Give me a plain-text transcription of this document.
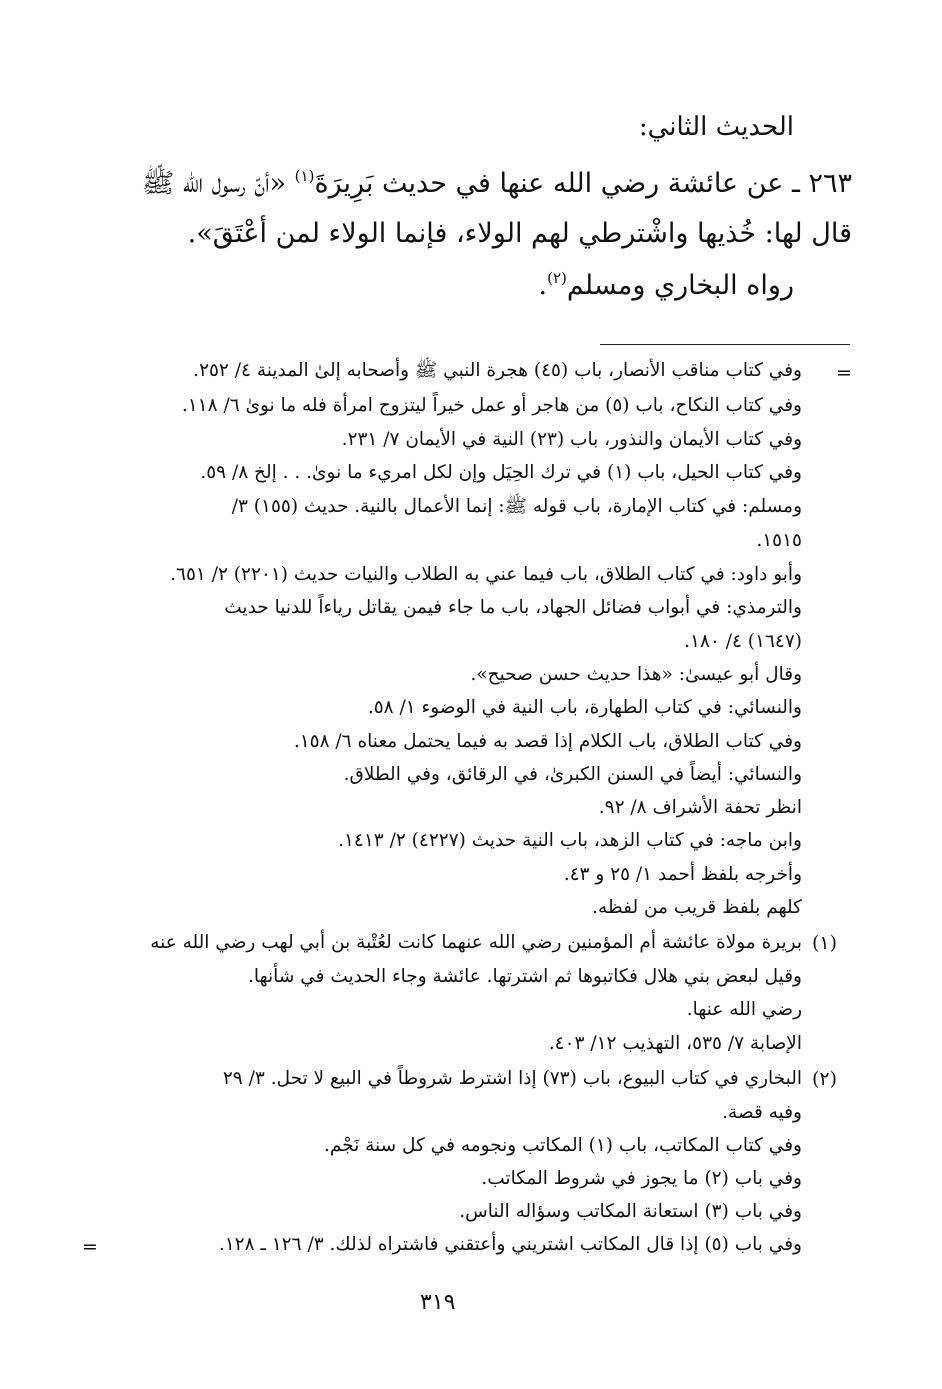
الحديث الثاني:
٢٦٣ ـ عن عائشة رضي الله عنها في حديث بَرِيرَةَ$^{(١)}$ «أنّ رسول الله ﷺ
قال لها: خُذيها واشْترطي لهم الولاء، فإنما الولاء لمن أعْتَقَ».
رواه البخاري ومسلم$^{(٢)}$.
=
وفي كتاب مناقب الأنصار، باب (٤٥) هجرة النبي ﷺ وأصحابه إلىٰ المدينة ٤/ ٢٥٢.
وفي كتاب النكاح، باب (٥) من هاجر أو عمل خيراً ليتزوج امرأة فله ما نوىٰ ٦/ ١١٨.
وفي كتاب الأيمان والنذور، باب (٢٣) النية في الأيمان ٧/ ٢٣١.
وفي كتاب الحيل، باب (١) في ترك الحِيَل وإن لكل امريء ما نوىٰ. . . إلخ ٨/ ٥٩.
ومسلم: في كتاب الإمارة، باب قوله ﷺ: إنما الأعمال بالنية. حديث (١٥٥) ٣/
١٥١٥.
وأبو داود: في كتاب الطلاق، باب فيما عني به الطلاب والنيات حديث (٢٢٠١) ٢/ ٦٥١.
والترمذي: في أبواب فضائل الجهاد، باب ما جاء فيمن يقاتل رياءاً للدنيا حديث
(١٦٤٧) ٤/ ١٨٠.
وقال أبو عيسىٰ: «هذا حديث حسن صحيح».
والنسائي: في كتاب الطهارة، باب النية في الوضوء ١/ ٥٨.
وفي كتاب الطلاق، باب الكلام إذا قصد به فيما يحتمل معناه ٦/ ١٥٨.
والنسائي: أيضاً في السنن الكبرىٰ، في الرقائق، وفي الطلاق.
انظر تحفة الأشراف ٨/ ٩٢.
وابن ماجه: في كتاب الزهد، باب النية حديث (٤٢٢٧) ٢/ ١٤١٣.
وأخرجه بلفظ أحمد ١/ ٢٥ و ٤٣.
كلهم بلفظ قريب من لفظه.
(١)
بريرة مولاة عائشة أم المؤمنين رضي الله عنهما كانت لعُتْبة بن أبي لهب رضي الله عنه
وقيل لبعض بني هلال فكاتبوها ثم اشترتها. عائشة وجاء الحديث في شأنها.
رضي الله عنها.
الإصابة ٧/ ٥٣٥، التهذيب ١٢/ ٤٠٣.
(٢)
البخاري في كتاب البيوع، باب (٧٣) إذا اشترط شروطاً في البيع لا تحل. ٣/ ٢٩
وفيه قصة.
وفي كتاب المكاتب، باب (١) المكاتب ونجومه في كل سنة نَجْم.
وفي باب (٢) ما يجوز في شروط المكاتب.
وفي باب (٣) استعانة المكاتب وسؤاله الناس.
وفي باب (٥) إذا قال المكاتب اشتريني وأعتقني فاشتراه لذلك. ٣/ ١٢٦ ـ ١٢٨.
=
٣١٩
